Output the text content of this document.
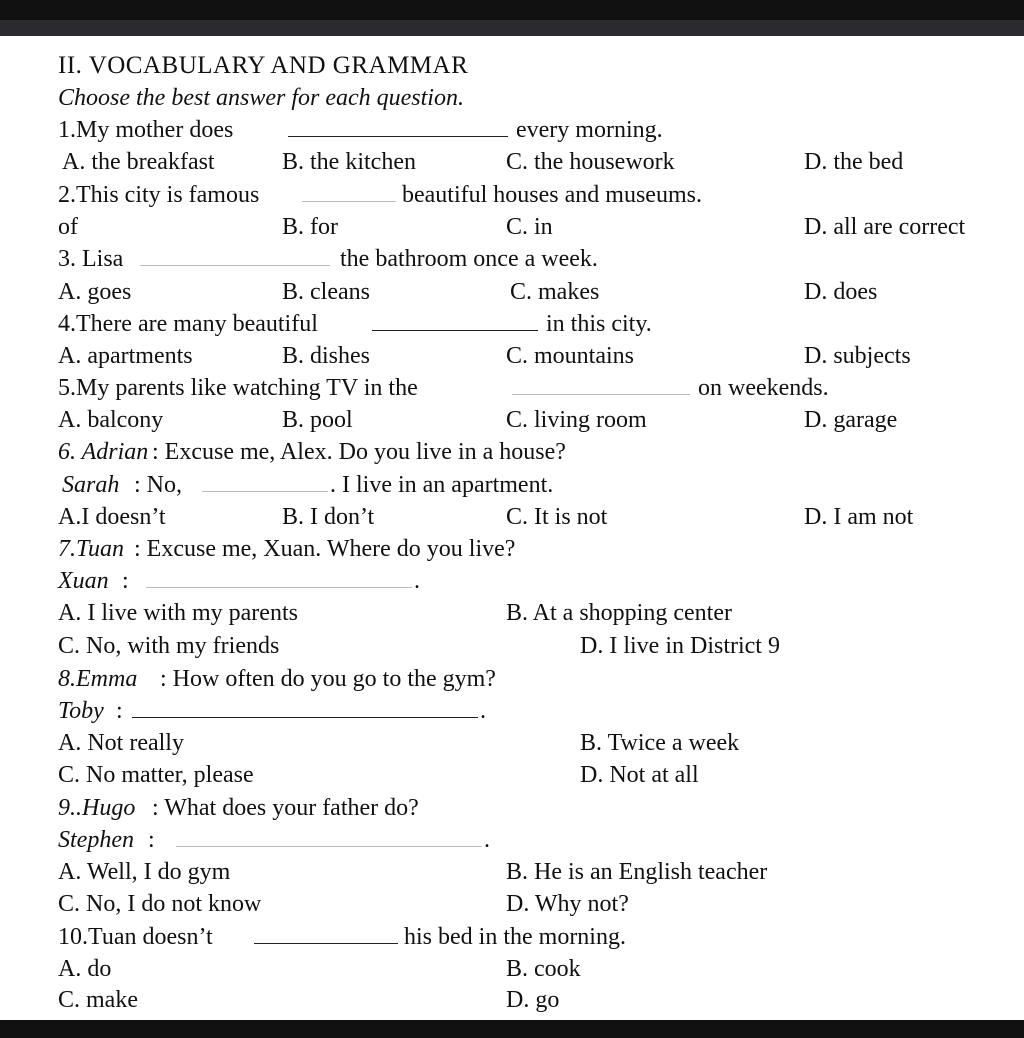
II. VOCABULARY AND GRAMMAR
Choose the best answer for each question.
1.My mother does	every morning.
A. the breakfast	B. the kitchen	C. the housework	D. the bed
2.This city is famous	beautiful houses and museums.
of	B. for	C. in	D. all are correct
3. Lisa	the bathroom once a week.
A. goes	B. cleans	C. makes	D. does
4.There are many beautiful	in this city.
A. apartments	B. dishes	C. mountains	D. subjects
5.My parents like watching TV in the	on weekends.
A. balcony	B. pool	C. living room	D. garage
6. Adrian : Excuse me, Alex. Do you live in a house?
Sarah : No,	. I live in an apartment.
A.I doesn’t	B. I don’t	C. It is not	D. I am not
7.Tuan : Excuse me, Xuan. Where do you live?
Xuan :	.
A. I live with my parents	B. At a shopping center
C. No, with my friends	D. I live in District 9
8.Emma : How often do you go to the gym?
Toby :	.
A. Not really	B. Twice a week
C. No matter, please	D. Not at all
9..Hugo : What does your father do?
Stephen :	.
A. Well, I do gym	B. He is an English teacher
C. No, I do not know	D. Why not?
10.Tuan doesn’t	his bed in the morning.
A. do	B. cook
C. make	D. go
